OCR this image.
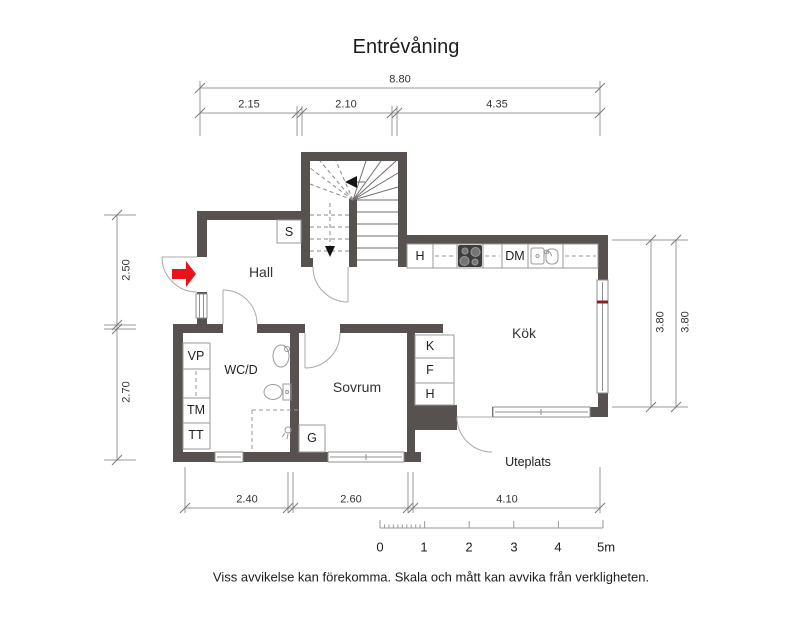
Entrévåning
8.80
2.15	2.10	4.35
2.50
2.70
3.80 3.80
2.40	2.60	4.10
Hall
Kök
Sovrum
WC/D
Uteplats
S
H	DM
K
F
H
G
VP
TM
TT
0	1	2	3	4	5m
Viss avvikelse kan förekomma. Skala och mått kan avvika från verkligheten.
